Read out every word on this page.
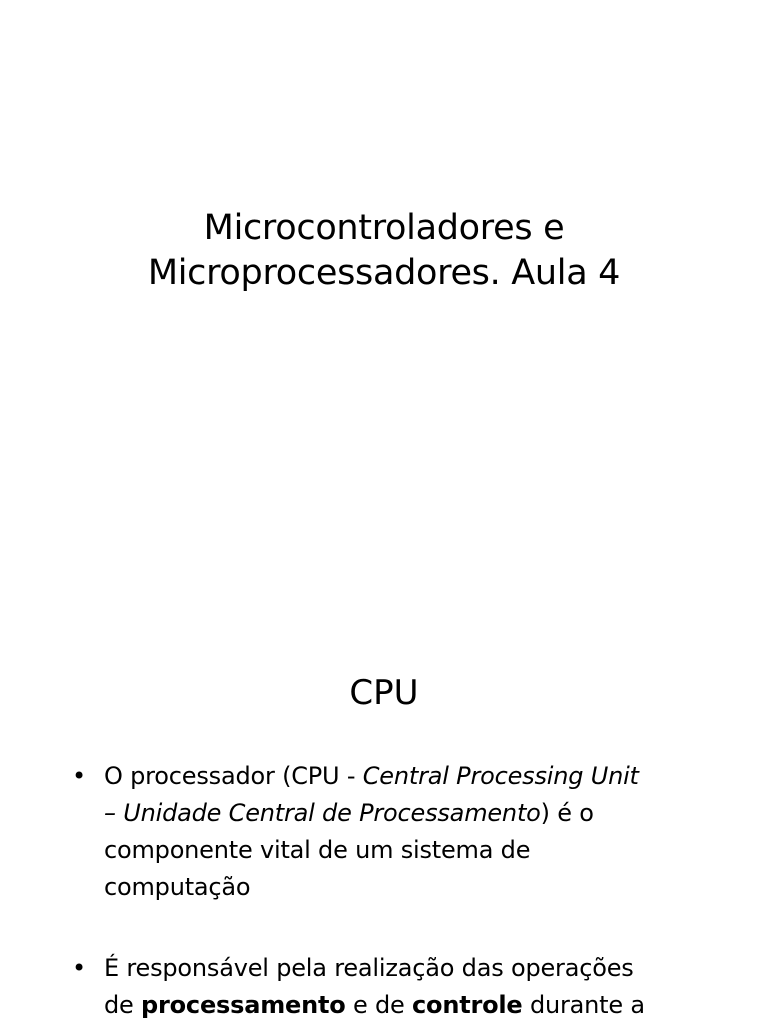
Microcontroladores e
Microprocessadores. Aula 4
CPU
• O processador (CPU - Central Processing Unit
– Unidade Central de Processamento) é o
componente vital de um sistema de
computação
• É responsável pela realização das operações
de processamento e de controle durante a
